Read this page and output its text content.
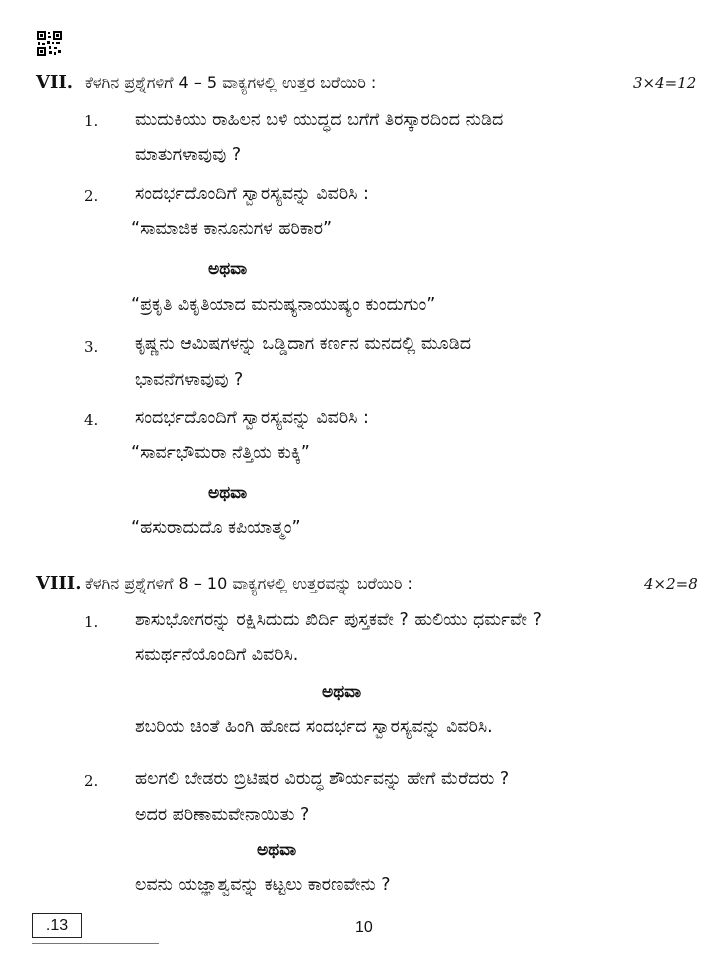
VII. ಕೆಳಗಿನ ಪ್ರಶ್ನೆಗಳಿಗೆ 4 – 5 ವಾಕ್ಯಗಳಲ್ಲಿ ಉತ್ತರ ಬರೆಯಿರಿ :	3×4=12
1. ಮುದುಕಿಯು ರಾಹಿಲನ ಬಳಿ ಯುದ್ಧದ ಬಗೆಗೆ ತಿರಸ್ಕಾರದಿಂದ ನುಡಿದ
ಮಾತುಗಳಾವುವು ?
2. ಸಂದರ್ಭದೊಂದಿಗೆ ಸ್ವಾರಸ್ಯವನ್ನು ವಿವರಿಸಿ :
“ಸಾಮಾಜಿಕ ಕಾನೂನುಗಳ ಹರಿಕಾರ”
ಅಥವಾ
“ಪ್ರಕೃತಿ ವಿಕೃತಿಯಾದ ಮನುಷ್ಯನಾಯುಷ್ಯಂ ಕುಂದುಗುಂ”
3. ಕೃಷ್ಣನು ಆಮಿಷಗಳನ್ನು ಒಡ್ಡಿದಾಗ ಕರ್ಣನ ಮನದಲ್ಲಿ ಮೂಡಿದ
ಭಾವನೆಗಳಾವುವು ?
4. ಸಂದರ್ಭದೊಂದಿಗೆ ಸ್ವಾರಸ್ಯವನ್ನು ವಿವರಿಸಿ :
“ಸಾರ್ವಭೌಮರಾ ನೆತ್ತಿಯ ಕುಕ್ಕಿ”
ಅಥವಾ
“ಹಸುರಾದುದೊ ಕಪಿಯಾತ್ಮಂ”
VIII. ಕೆಳಗಿನ ಪ್ರಶ್ನೆಗಳಿಗೆ 8 – 10 ವಾಕ್ಯಗಳಲ್ಲಿ ಉತ್ತರವನ್ನು ಬರೆಯಿರಿ :	4×2=8
1. ಶಾಸುಭೋಗರನ್ನು ರಕ್ಷಿಸಿದುದು ಖಿರ್ದಿ ಪುಸ್ತಕವೇ ? ಹುಲಿಯು ಧರ್ಮವೇ ?
ಸಮರ್ಥನೆಯೊಂದಿಗೆ ವಿವರಿಸಿ.
ಅಥವಾ
ಶಬರಿಯ ಚಿಂತೆ ಹಿಂಗಿ ಹೋದ ಸಂದರ್ಭದ ಸ್ವಾರಸ್ಯವನ್ನು ವಿವರಿಸಿ.
2. ಹಲಗಲಿ ಬೇಡರು ಬ್ರಿಟಿಷರ ವಿರುದ್ಧ ಶೌರ್ಯವನ್ನು ಹೇಗೆ ಮೆರೆದರು ?
ಅದರ ಪರಿಣಾಮವೇನಾಯಿತು ?
ಅಥವಾ
ಲವನು ಯಜ್ಞಾಶ್ವವನ್ನು ಕಟ್ಟಲು ಕಾರಣವೇನು ?
.13	10
